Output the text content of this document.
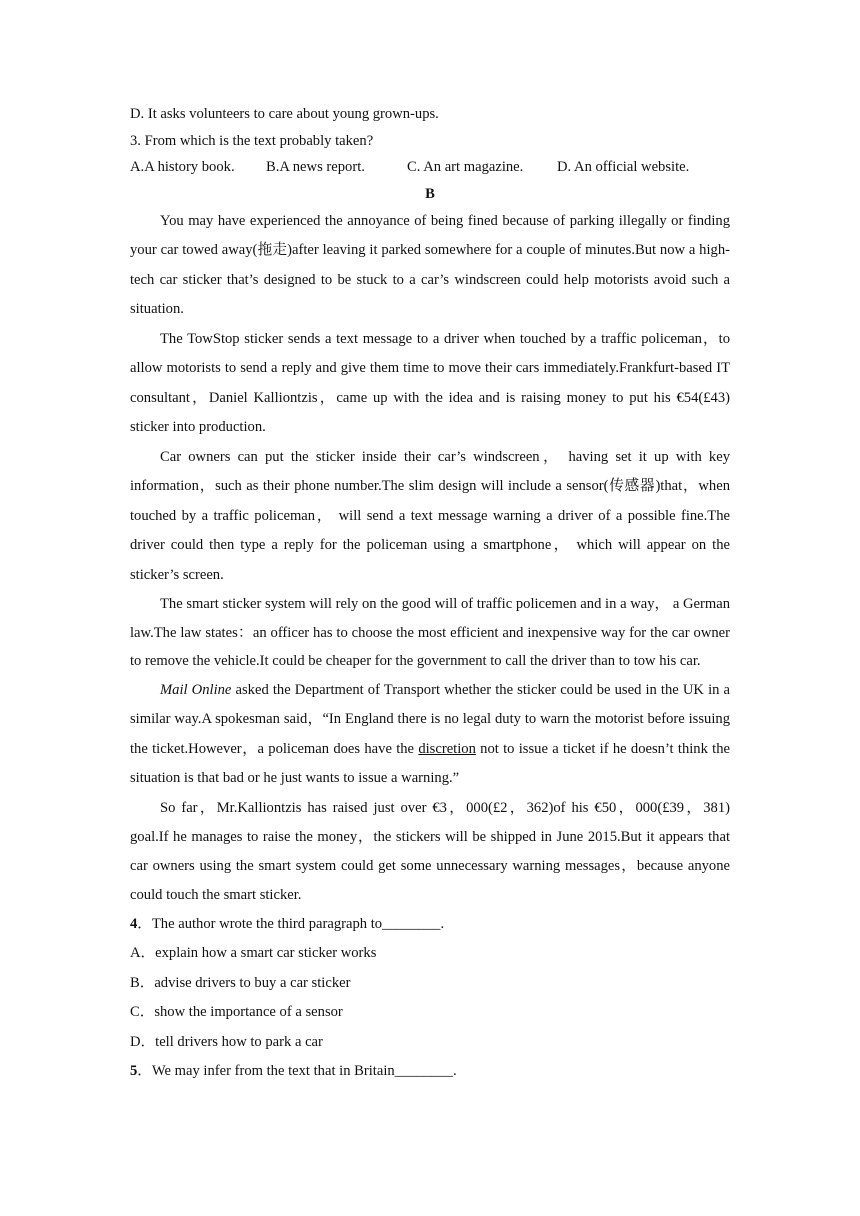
D. It asks volunteers to care about young grown-ups.
3. From which is the text probably taken?
A.A history book.	B.A news report.	C. An art magazine.	D. An official website.
B

You may have experienced the annoyance of being fined because of parking illegally or finding your car towed away(拖走)after leaving it parked somewhere for a couple of minutes.But now a high-tech car sticker that’s designed to be stuck to a car’s windscreen could help motorists avoid such a situation.

The TowStop sticker sends a text message to a driver when touched by a traffic policeman，to allow motorists to send a reply and give them time to move their cars immediately.Frankfurt-based IT consultant，Daniel Kalliontzis，came up with the idea and is raising money to put his €54(£43) sticker into production.

Car owners can put the sticker inside their car’s windscreen， having set it up with key information，such as their phone number.The slim design will include a sensor(传感器)that，when touched by a traffic policeman， will send a text message warning a driver of a possible fine.The driver could then type a reply for the policeman using a smartphone， which will appear on the sticker’s screen.

The smart sticker system will rely on the good will of traffic policemen and in a way， a German law.The law states：an officer has to choose the most efficient and inexpensive way for the car owner to remove the vehicle.It could be cheaper for the government to call the driver than to tow his car.

Mail Online asked the Department of Transport whether the sticker could be used in the UK in a similar way.A spokesman said，“In England there is no legal duty to warn the motorist before issuing the ticket.However，a policeman does have the discretion not to issue a ticket if he doesn’t think the situation is that bad or he just wants to issue a warning.”

So far，Mr.Kalliontzis has raised just over €3，000(£2，362)of his €50，000(£39，381) goal.If he manages to raise the money，the stickers will be shipped in June 2015.But it appears that car owners using the smart system could get some unnecessary warning messages，because anyone could touch the smart sticker.

4．The author wrote the third paragraph to________.
A．explain how a smart car sticker works
B．advise drivers to buy a car sticker
C．show the importance of a sensor
D．tell drivers how to park a car
5．We may infer from the text that in Britain________.
